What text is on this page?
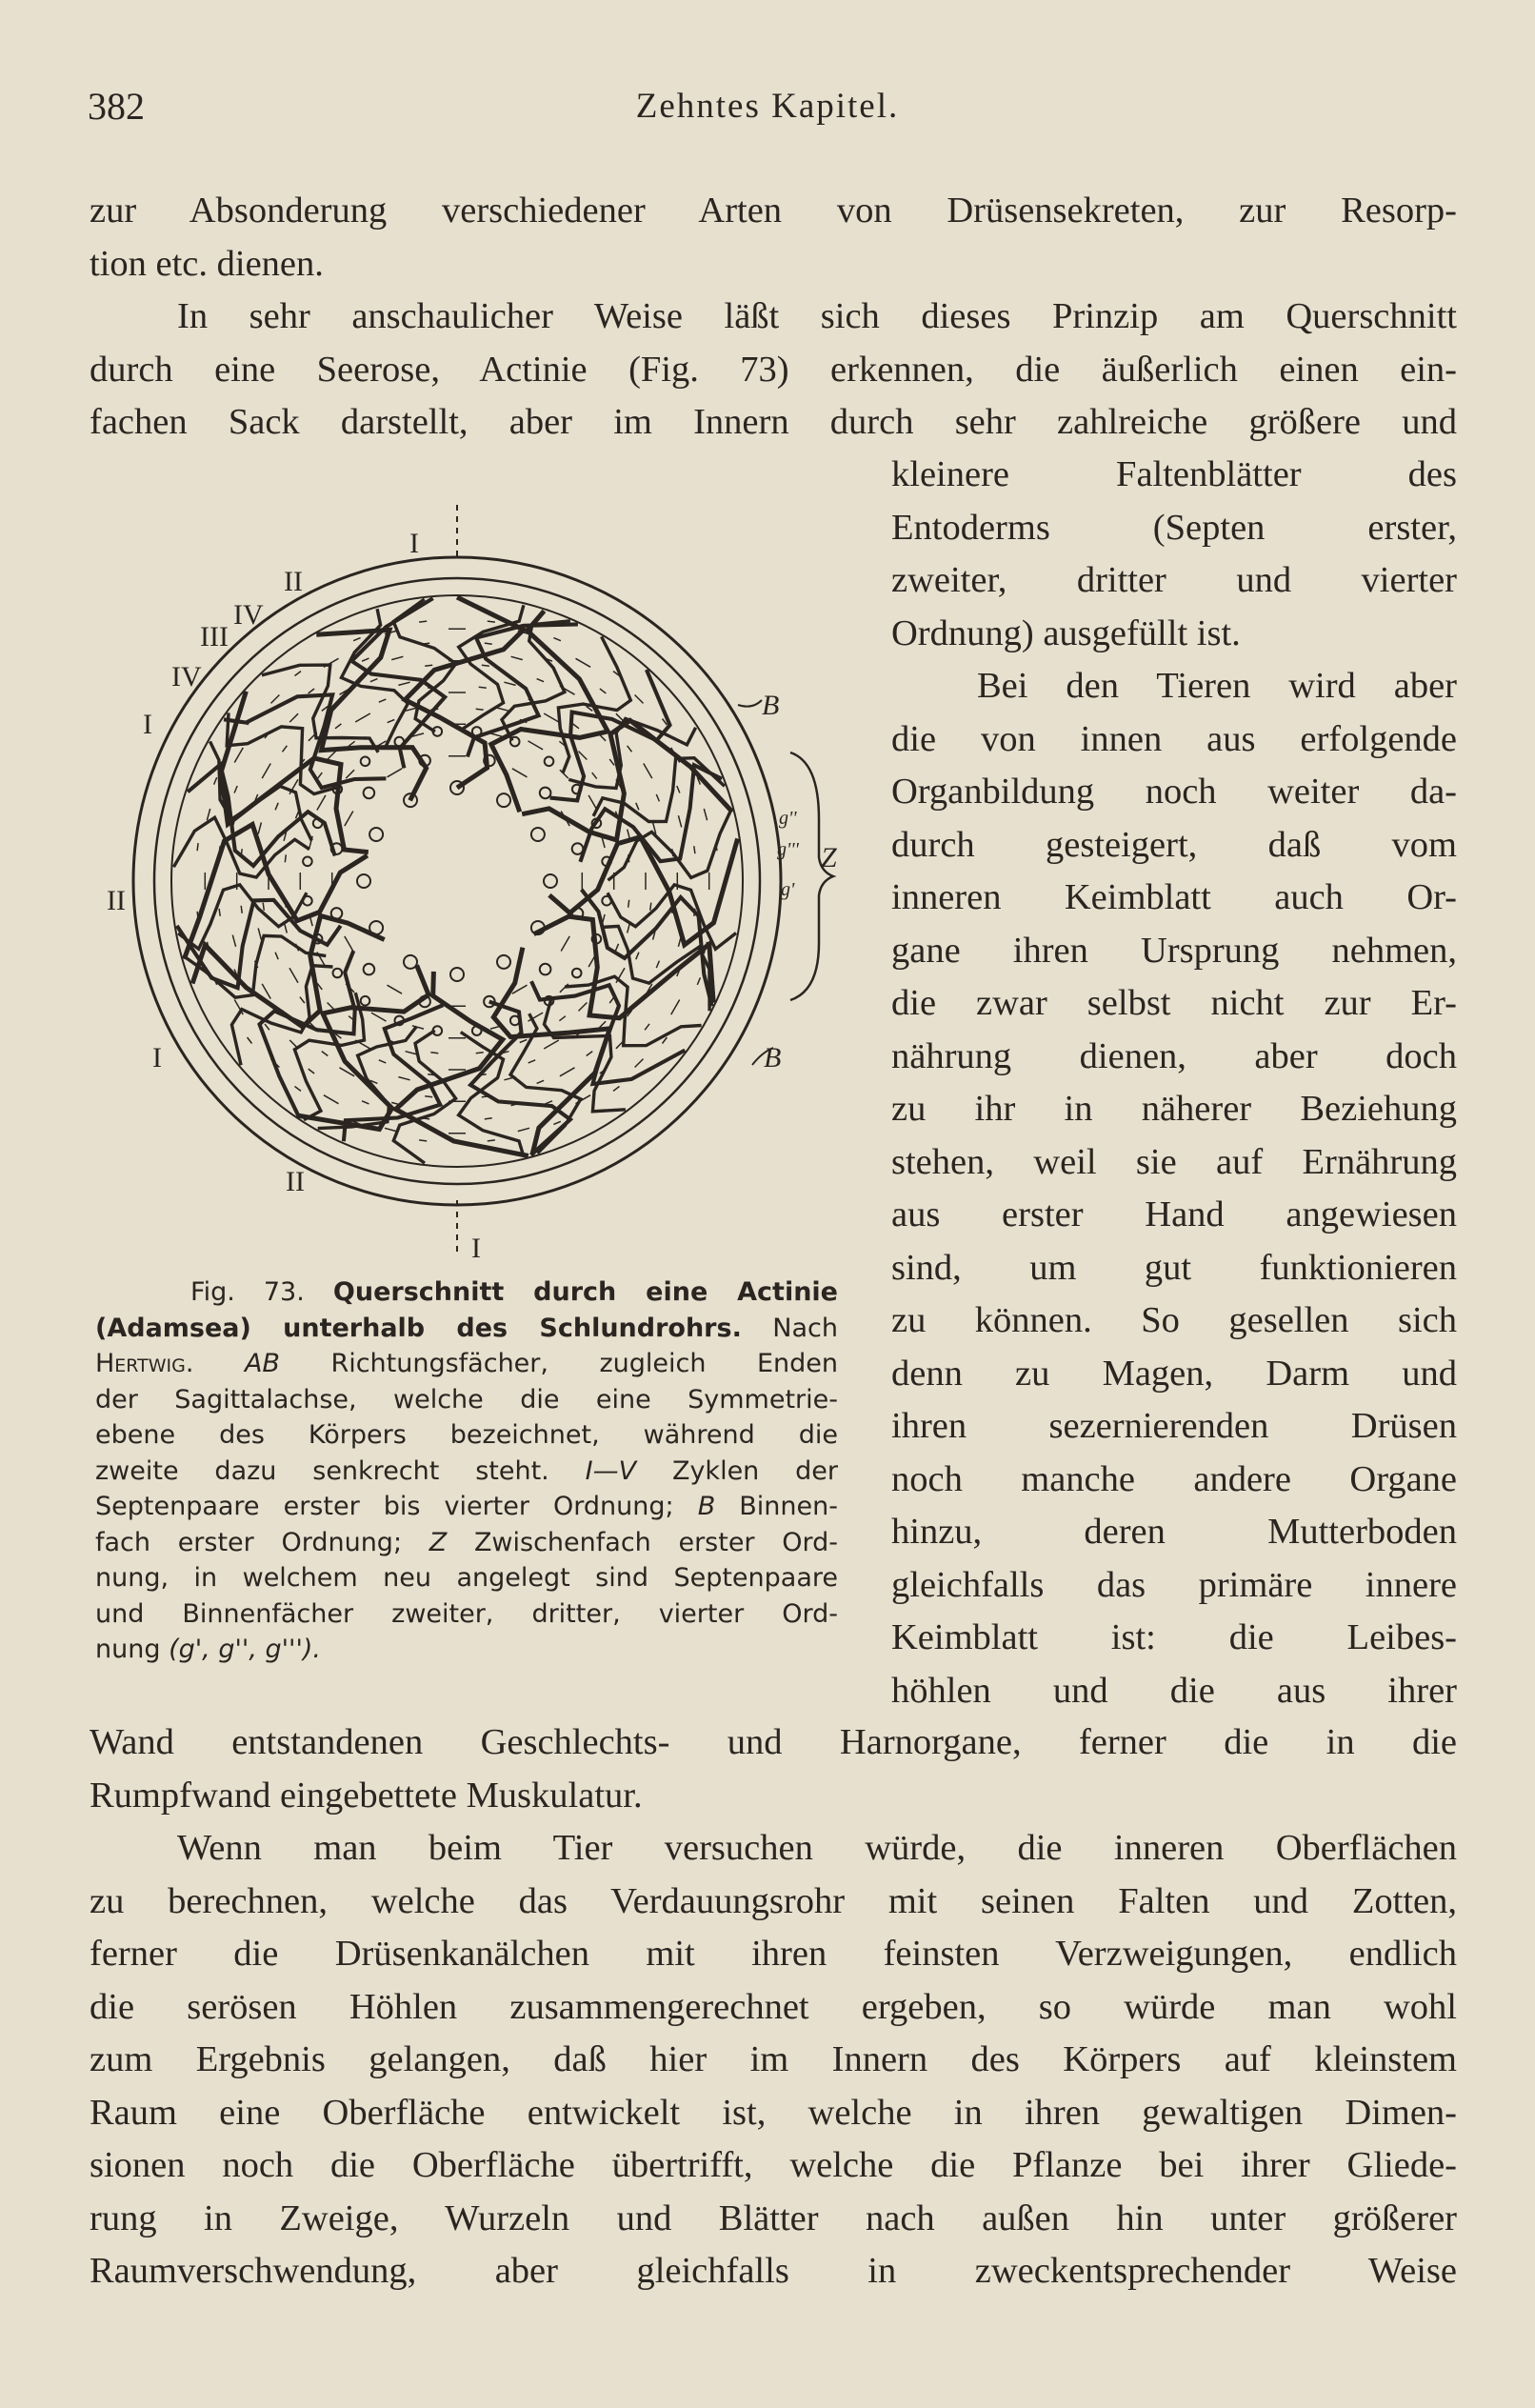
382	Zehntes Kapitel.
zur Absonderung verschiedener Arten von Drüsensekreten, zur Resorp-
tion etc. dienen.
In sehr anschaulicher Weise läßt sich dieses Prinzip am Querschnitt
durch eine Seerose, Actinie (Fig. 73) erkennen, die äußerlich einen ein-
fachen Sack darstellt, aber im Innern durch sehr zahlreiche größere und
kleinere Faltenblätter des
Entoderms (Septen erster,
zweiter, dritter und vierter
Ordnung) ausgefüllt ist.
Bei den Tieren wird aber
die von innen aus erfolgende
Organbildung noch weiter da-
durch gesteigert, daß vom
inneren Keimblatt auch Or-
gane ihren Ursprung nehmen,
die zwar selbst nicht zur Er-
nährung dienen, aber doch
zu ihr in näherer Beziehung
stehen, weil sie auf Ernährung
aus erster Hand angewiesen
sind, um gut funktionieren
zu können. So gesellen sich
denn zu Magen, Darm und
ihren sezernierenden Drüsen
noch manche andere Organe
hinzu, deren Mutterboden
gleichfalls das primäre innere
Keimblatt ist: die Leibes-
höhlen und die aus ihrer
I
I
II
III
IV
IV
I
II
I
II
B
B
Z
g''
g'''
g'
Fig. 73. Querschnitt durch eine Actinie
(Adamsea) unterhalb des Schlundrohrs. Nach
Hertwig. AB Richtungsfächer, zugleich Enden
der Sagittalachse, welche die eine Symmetrie-
ebene des Körpers bezeichnet, während die
zweite dazu senkrecht steht. I—V Zyklen der
Septenpaare erster bis vierter Ordnung; B Binnen-
fach erster Ordnung; Z Zwischenfach erster Ord-
nung, in welchem neu angelegt sind Septenpaare
und Binnenfächer zweiter, dritter, vierter Ord-
nung (g', g'', g''').
Wand entstandenen Geschlechts- und Harnorgane, ferner die in die
Rumpfwand eingebettete Muskulatur.
Wenn man beim Tier versuchen würde, die inneren Oberflächen
zu berechnen, welche das Verdauungsrohr mit seinen Falten und Zotten,
ferner die Drüsenkanälchen mit ihren feinsten Verzweigungen, endlich
die serösen Höhlen zusammengerechnet ergeben, so würde man wohl
zum Ergebnis gelangen, daß hier im Innern des Körpers auf kleinstem
Raum eine Oberfläche entwickelt ist, welche in ihren gewaltigen Dimen-
sionen noch die Oberfläche übertrifft, welche die Pflanze bei ihrer Gliede-
rung in Zweige, Wurzeln und Blätter nach außen hin unter größerer
Raumverschwendung, aber gleichfalls in zweckentsprechender Weise
